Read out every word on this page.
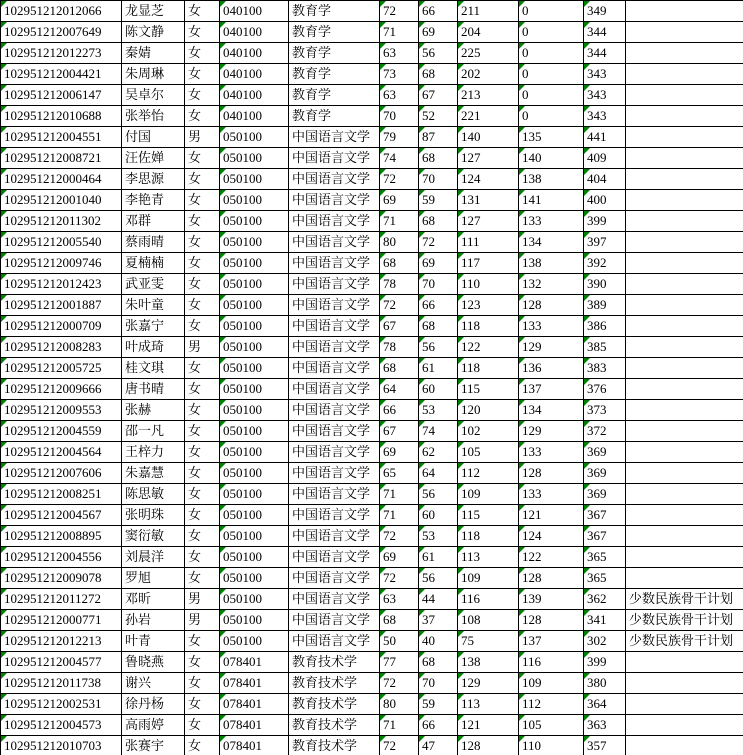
102951212012066	龙显芝	女	040100	教育学	72	66	211	0	349	

102951212007649	陈文静	女	040100	教育学	71	69	204	0	344	

102951212012273	秦婧	女	040100	教育学	63	56	225	0	344	

102951212004421	朱周琳	女	040100	教育学	73	68	202	0	343	

102951212006147	吴卓尔	女	040100	教育学	63	67	213	0	343	

102951212010688	张举怡	女	040100	教育学	70	52	221	0	343	

102951212004551	付国	男	050100	中国语言文学	79	87	140	135	441	

102951212008721	汪佐婵	女	050100	中国语言文学	74	68	127	140	409	

102951212000464	李思源	女	050100	中国语言文学	72	70	124	138	404	

102951212001040	李艳青	女	050100	中国语言文学	69	59	131	141	400	

102951212011302	邓群	女	050100	中国语言文学	71	68	127	133	399	

102951212005540	蔡雨晴	女	050100	中国语言文学	80	72	111	134	397	

102951212009746	夏楠楠	女	050100	中国语言文学	68	69	117	138	392	

102951212012423	武亚雯	女	050100	中国语言文学	78	70	110	132	390	

102951212001887	朱叶童	女	050100	中国语言文学	72	66	123	128	389	

102951212000709	张嘉宁	女	050100	中国语言文学	67	68	118	133	386	

102951212008283	叶成琦	男	050100	中国语言文学	78	56	122	129	385	

102951212005725	桂文琪	女	050100	中国语言文学	68	61	118	136	383	

102951212009666	唐书晴	女	050100	中国语言文学	64	60	115	137	376	

102951212009553	张赫	女	050100	中国语言文学	66	53	120	134	373	

102951212004559	邵一凡	女	050100	中国语言文学	67	74	102	129	372	

102951212004564	王梓力	女	050100	中国语言文学	69	62	105	133	369	

102951212007606	朱嘉慧	女	050100	中国语言文学	65	64	112	128	369	

102951212008251	陈思敏	女	050100	中国语言文学	71	56	109	133	369	

102951212004567	张明珠	女	050100	中国语言文学	71	60	115	121	367	

102951212008895	窦衍敏	女	050100	中国语言文学	72	53	118	124	367	

102951212004556	刘晨洋	女	050100	中国语言文学	69	61	113	122	365	

102951212009078	罗旭	女	050100	中国语言文学	72	56	109	128	365	

102951212011272	邓昕	男	050100	中国语言文学	63	44	116	139	362	少数民族骨干计划

102951212000771	孙岩	男	050100	中国语言文学	68	37	108	128	341	少数民族骨干计划

102951212012213	叶青	女	050100	中国语言文学	50	40	75	137	302	少数民族骨干计划

102951212004577	鲁晓燕	女	078401	教育技术学	77	68	138	116	399	

102951212011738	谢兴	女	078401	教育技术学	72	70	129	109	380	

102951212002531	徐丹杨	女	078401	教育技术学	80	59	113	112	364	

102951212004573	高雨婷	女	078401	教育技术学	71	66	121	105	363	

102951212010703	张赛宇	女	078401	教育技术学	72	47	128	110	357	
